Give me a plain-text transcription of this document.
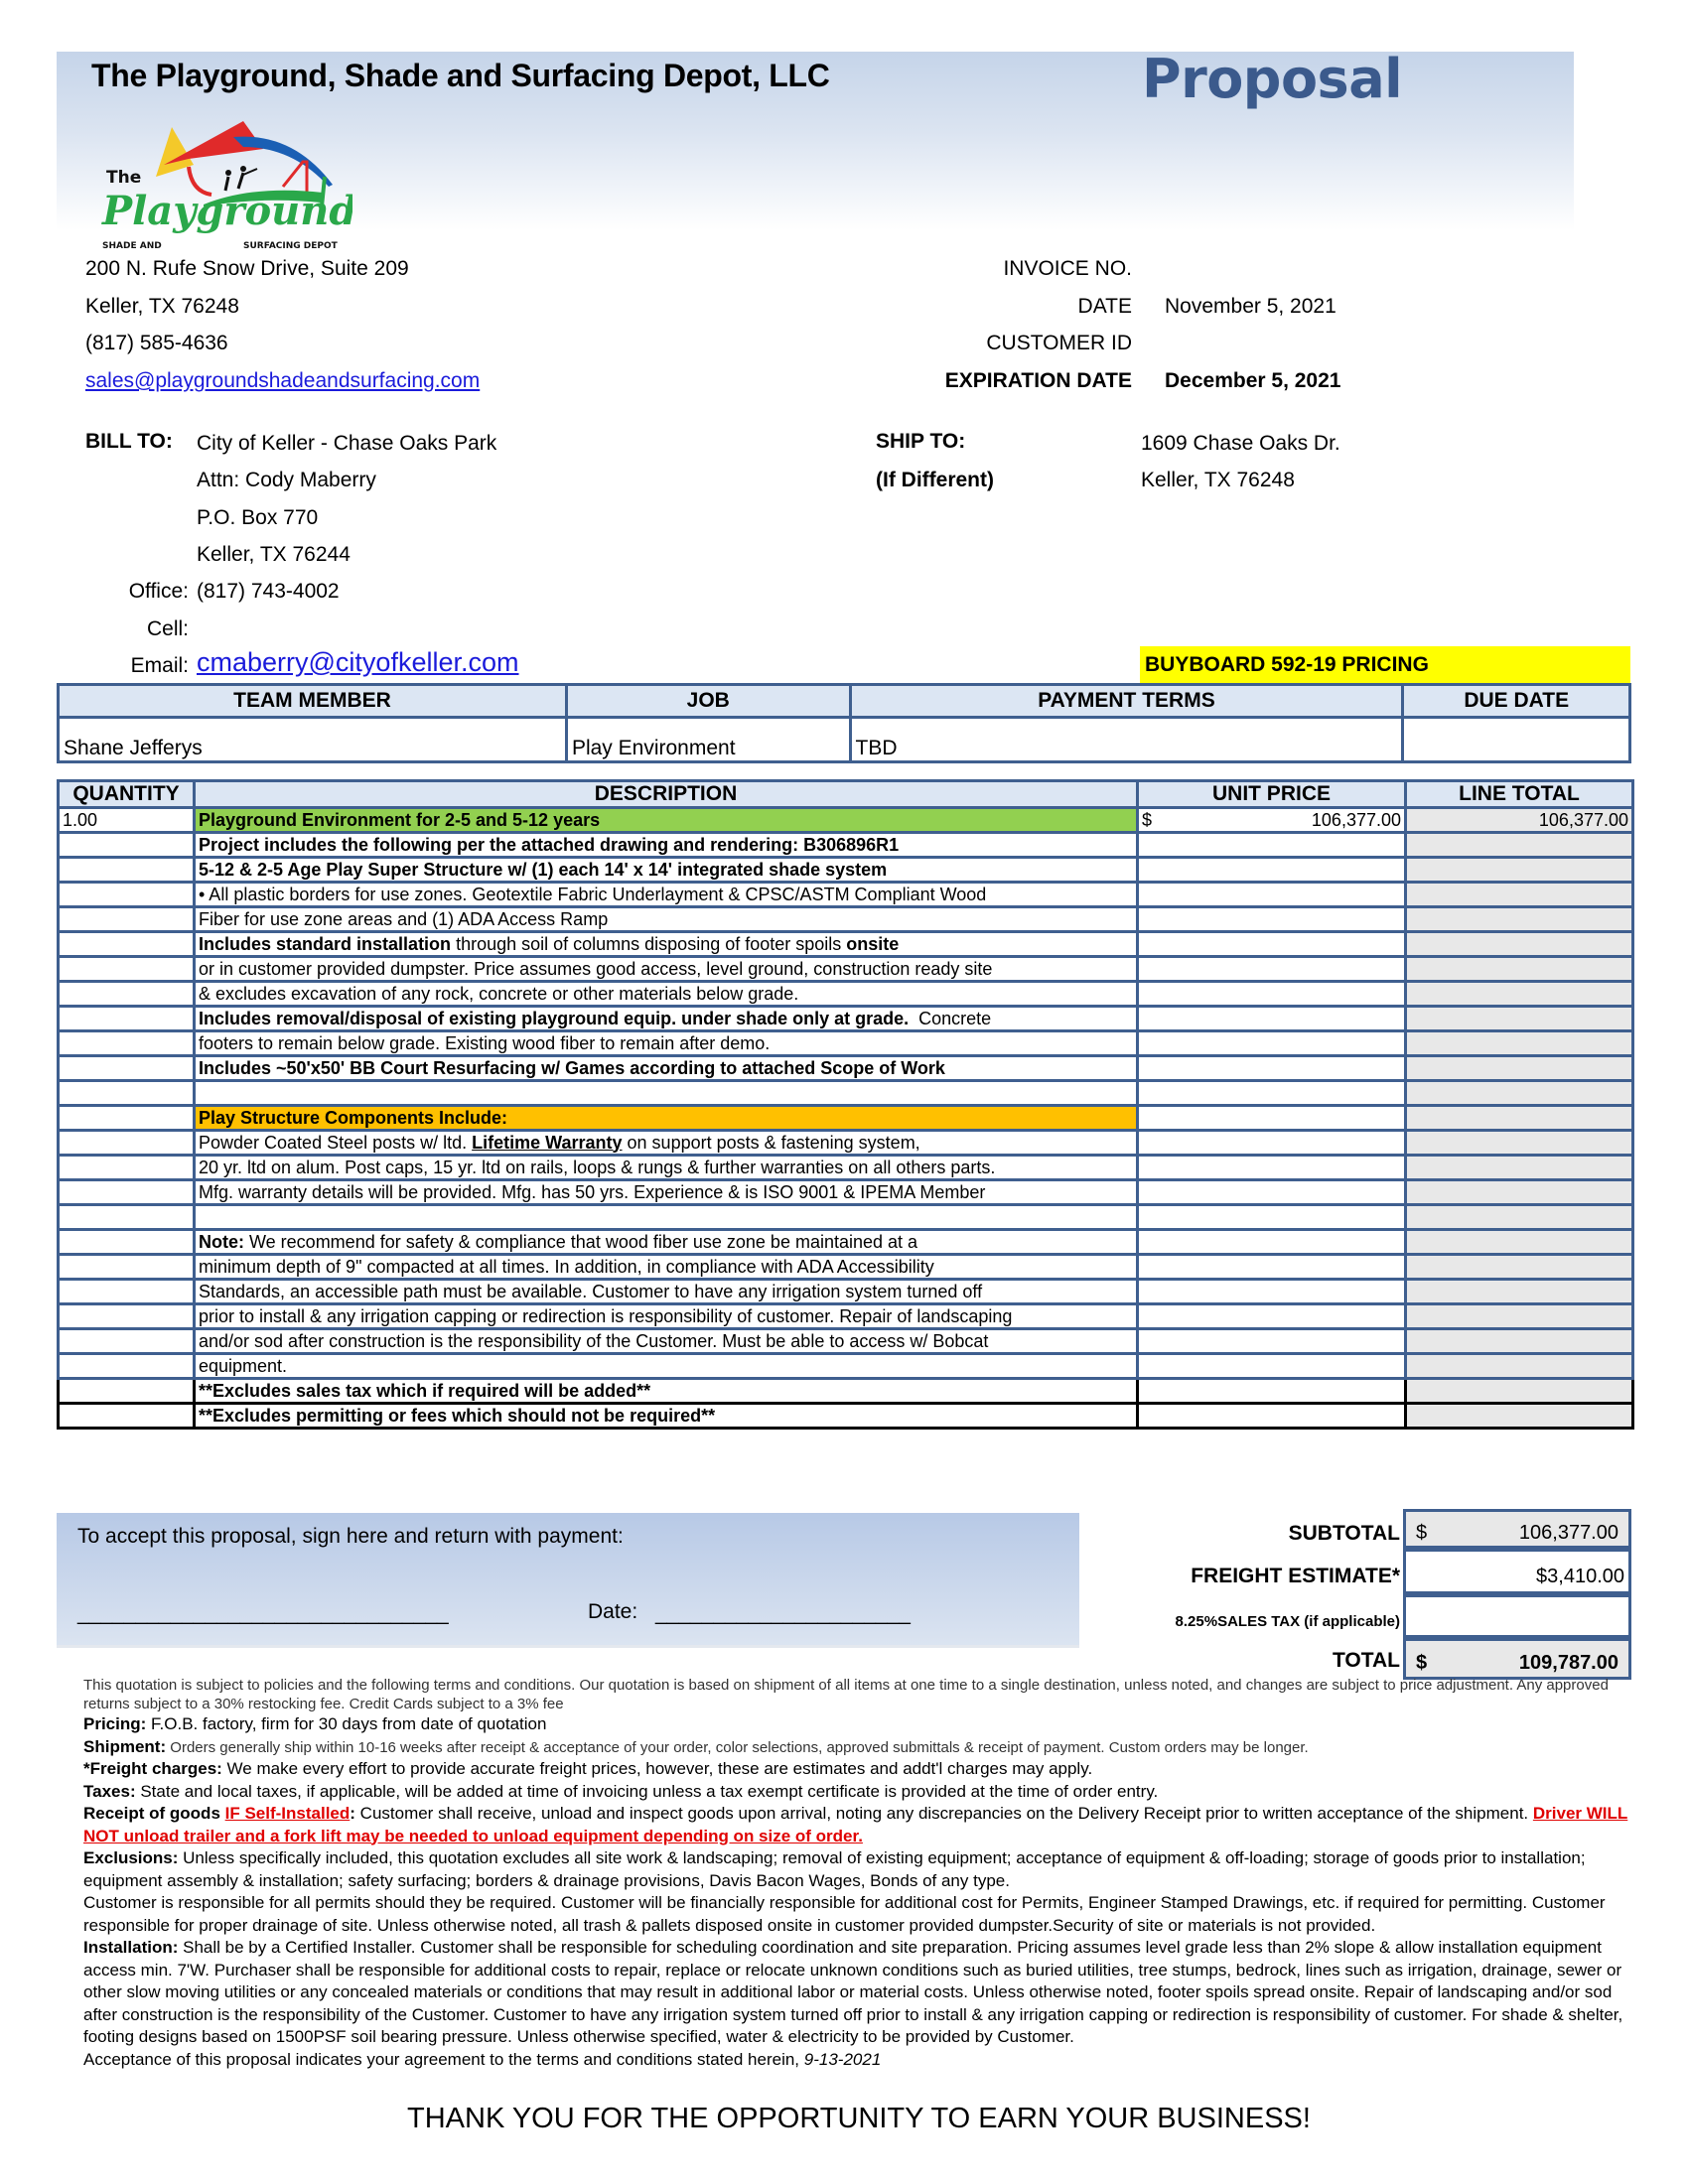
The Playground, Shade and Surfacing Depot, LLC	Proposal
The
Playground
SHADE AND	SURFACING DEPOT
200 N. Rufe Snow Drive, Suite 209
Keller, TX 76248
(817) 585-4636
sales@playgroundshadeandsurfacing.com
INVOICE NO.
DATE November 5, 2021
CUSTOMER ID
EXPIRATION DATE December 5, 2021
BILL TO: City of Keller - Chase Oaks Park
Attn: Cody Maberry
P.O. Box 770
Keller, TX 76244
Office: (817) 743-4002
Cell:
Email: cmaberry@cityofkeller.com
SHIP TO:
(If Different)
1609 Chase Oaks Dr.
Keller, TX 76248
BUYBOARD 592-19 PRICING
TEAM MEMBER	JOB	PAYMENT TERMS	DUE DATE
Shane Jefferys	Play Environment	TBD	
QUANTITY	DESCRIPTION	UNIT PRICE	LINE TOTAL
1.00	Playground Environment for 2-5 and 5-12 years	$ 106,377.00	106,377.00
	Project includes the following per the attached drawing and rendering: B306896R1		
	5-12 & 2-5 Age Play Super Structure w/ (1) each 14' x 14' integrated shade system		
	• All plastic borders for use zones. Geotextile Fabric Underlayment & CPSC/ASTM Compliant Wood		
	Fiber for use zone areas and (1) ADA Access Ramp		
	Includes standard installation through soil of columns disposing of footer spoils onsite		
	or in customer provided dumpster. Price assumes good access, level ground, construction ready site		
	& excludes excavation of any rock, concrete or other materials below grade.		
	Includes removal/disposal of existing playground equip. under shade only at grade.  Concrete		
	footers to remain below grade. Existing wood fiber to remain after demo.		
	Includes ~50'x50' BB Court Resurfacing w/ Games according to attached Scope of Work		

	Play Structure Components Include:		
	Powder Coated Steel posts w/ ltd. Lifetime Warranty on support posts & fastening system,		
	20 yr. ltd on alum. Post caps, 15 yr. ltd on rails, loops & rungs & further warranties on all others parts.		
	Mfg. warranty details will be provided. Mfg. has 50 yrs. Experience & is ISO 9001 & IPEMA Member		

	Note: We recommend for safety & compliance that wood fiber use zone be maintained at a		
	minimum depth of 9" compacted at all times. In addition, in compliance with ADA Accessibility		
	Standards, an accessible path must be available. Customer to have any irrigation system turned off		
	prior to install & any irrigation capping or redirection is responsibility of customer. Repair of landscaping		
	and/or sod after construction is the responsibility of the Customer. Must be able to access w/ Bobcat		
	equipment.		
	**Excludes sales tax which if required will be added**		
	**Excludes permitting or fees which should not be required**		
To accept this proposal, sign here and return with payment:
________________________________	Date: ______________________
SUBTOTAL $	106,377.00
FREIGHT ESTIMATE*	$3,410.00
8.25%SALES TAX (if applicable)
TOTAL $	109,787.00
This quotation is subject to policies and the following terms and conditions. Our quotation is based on shipment of all items at one time to a single destination, unless noted, and changes are subject to price adjustment. Any approved returns subject to a 30% restocking fee. Credit Cards subject to a 3% fee
Pricing: F.O.B. factory, firm for 30 days from date of quotation
Shipment: Orders generally ship within 10-16 weeks after receipt & acceptance of your order, color selections, approved submittals & receipt of payment. Custom orders may be longer.
*Freight charges: We make every effort to provide accurate freight prices, however, these are estimates and addt'l charges may apply.
Taxes: State and local taxes, if applicable, will be added at time of invoicing unless a tax exempt certificate is provided at the time of order entry.
Receipt of goods IF Self-Installed: Customer shall receive, unload and inspect goods upon arrival, noting any discrepancies on the Delivery Receipt prior to written acceptance of the shipment. Driver WILL NOT unload trailer and a fork lift may be needed to unload equipment depending on size of order.
Exclusions: Unless specifically included, this quotation excludes all site work & landscaping; removal of existing equipment; acceptance of equipment & off-loading; storage of goods prior to installation; equipment assembly & installation; safety surfacing; borders & drainage provisions, Davis Bacon Wages, Bonds of any type.
Customer is responsible for all permits should they be required. Customer will be financially responsible for additional cost for Permits, Engineer Stamped Drawings, etc. if required for permitting. Customer responsible for proper drainage of site. Unless otherwise noted, all trash & pallets disposed onsite in customer provided dumpster.Security of site or materials is not provided.
Installation: Shall be by a Certified Installer. Customer shall be responsible for scheduling coordination and site preparation. Pricing assumes level grade less than 2% slope & allow installation equipment access min. 7'W. Purchaser shall be responsible for additional costs to repair, replace or relocate unknown conditions such as buried utilities, tree stumps, bedrock, lines such as irrigation, drainage, sewer or other slow moving utilities or any concealed materials or conditions that may result in additional labor or material costs. Unless otherwise noted, footer spoils spread onsite. Repair of landscaping and/or sod after construction is the responsibility of the Customer. Customer to have any irrigation system turned off prior to install & any irrigation capping or redirection is responsibility of customer. For shade & shelter, footing designs based on 1500PSF soil bearing pressure. Unless otherwise specified, water & electricity to be provided by Customer.
Acceptance of this proposal indicates your agreement to the terms and conditions stated herein, 9-13-2021
THANK YOU FOR THE OPPORTUNITY TO EARN YOUR BUSINESS!
